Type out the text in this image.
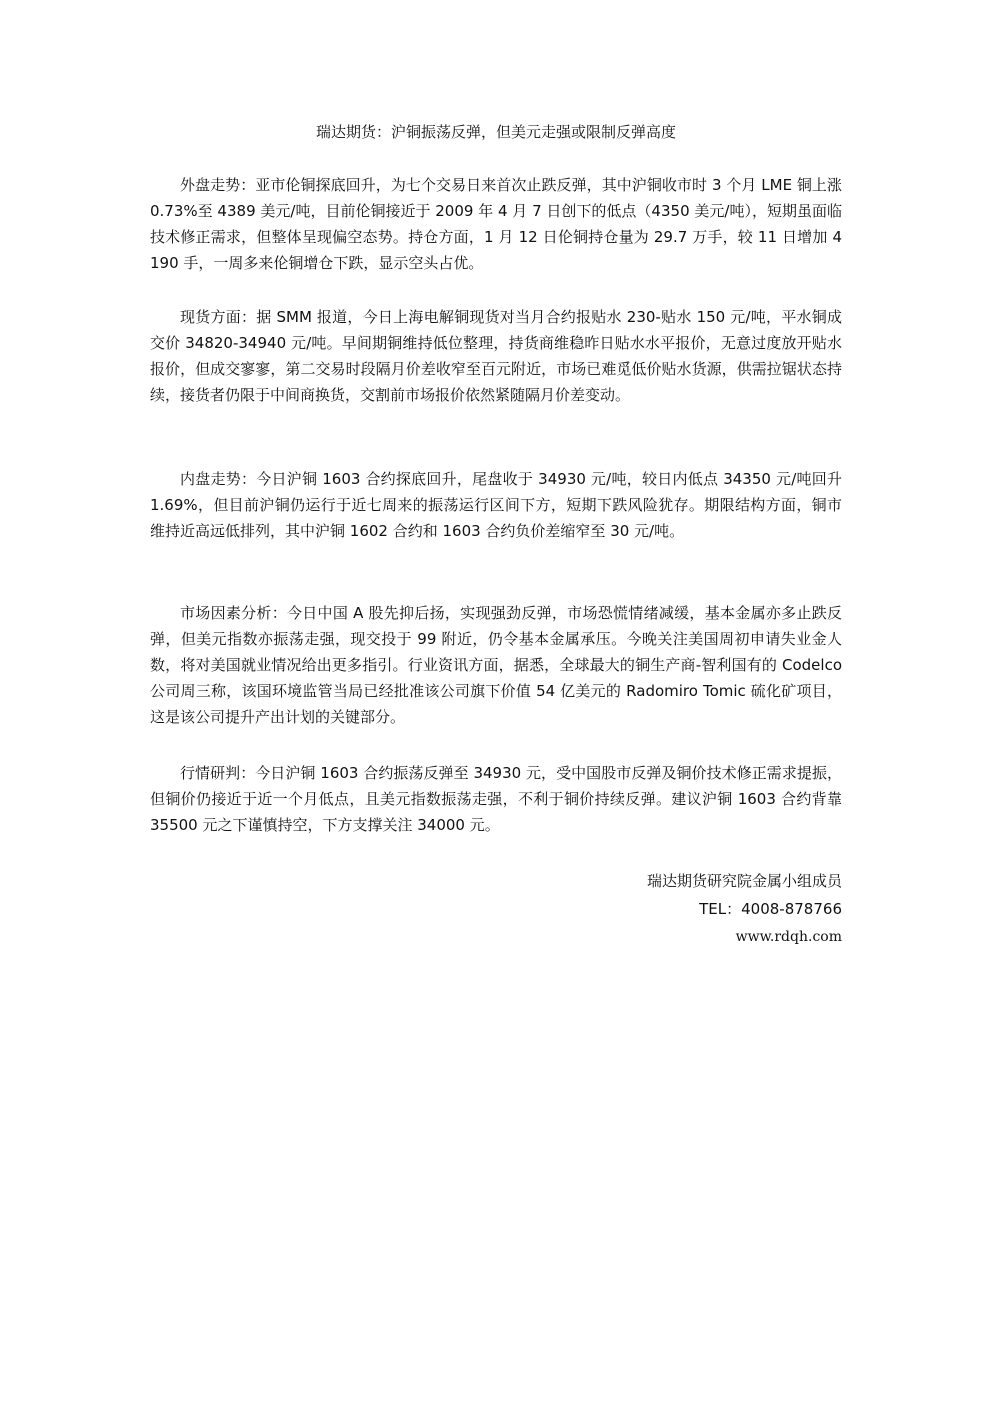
瑞达期货：沪铜振荡反弹，但美元走强或限制反弹高度

外盘走势：亚市伦铜探底回升，为七个交易日来首次止跌反弹，其中沪铜收市时 3 个月 LME 铜上涨 0.73%至 4389 美元/吨，目前伦铜接近于 2009 年 4 月 7 日创下的低点（4350 美元/吨），短期虽面临技术修正需求，但整体呈现偏空态势。持仓方面，1 月 12 日伦铜持仓量为 29.7 万手，较 11 日增加 4190 手，一周多来伦铜增仓下跌，显示空头占优。

现货方面：据 SMM 报道，今日上海电解铜现货对当月合约报贴水 230-贴水 150 元/吨，平水铜成交价 34820-34940 元/吨。早间期铜维持低位整理，持货商维稳昨日贴水水平报价，无意过度放开贴水报价，但成交寥寥，第二交易时段隔月价差收窄至百元附近，市场已难觅低价贴水货源，供需拉锯状态持续，接货者仍限于中间商换货，交割前市场报价依然紧随隔月价差变动。

内盘走势：今日沪铜 1603 合约探底回升，尾盘收于 34930 元/吨，较日内低点 34350 元/吨回升 1.69%，但目前沪铜仍运行于近七周来的振荡运行区间下方，短期下跌风险犹存。期限结构方面，铜市维持近高远低排列，其中沪铜 1602 合约和 1603 合约负价差缩窄至 30 元/吨。

市场因素分析：今日中国 A 股先抑后扬，实现强劲反弹，市场恐慌情绪减缓，基本金属亦多止跌反弹，但美元指数亦振荡走强，现交投于 99 附近，仍令基本金属承压。今晚关注美国周初申请失业金人数，将对美国就业情况给出更多指引。行业资讯方面，据悉，全球最大的铜生产商-智利国有的 Codelco 公司周三称，该国环境监管当局已经批准该公司旗下价值 54 亿美元的 Radomiro Tomic 硫化矿项目，这是该公司提升产出计划的关键部分。

行情研判：今日沪铜 1603 合约振荡反弹至 34930 元，受中国股市反弹及铜价技术修正需求提振，但铜价仍接近于近一个月低点，且美元指数振荡走强，不利于铜价持续反弹。建议沪铜 1603 合约背靠 35500 元之下谨慎持空，下方支撑关注 34000 元。

瑞达期货研究院金属小组成员

TEL：4008-878766

www.rdqh.com
